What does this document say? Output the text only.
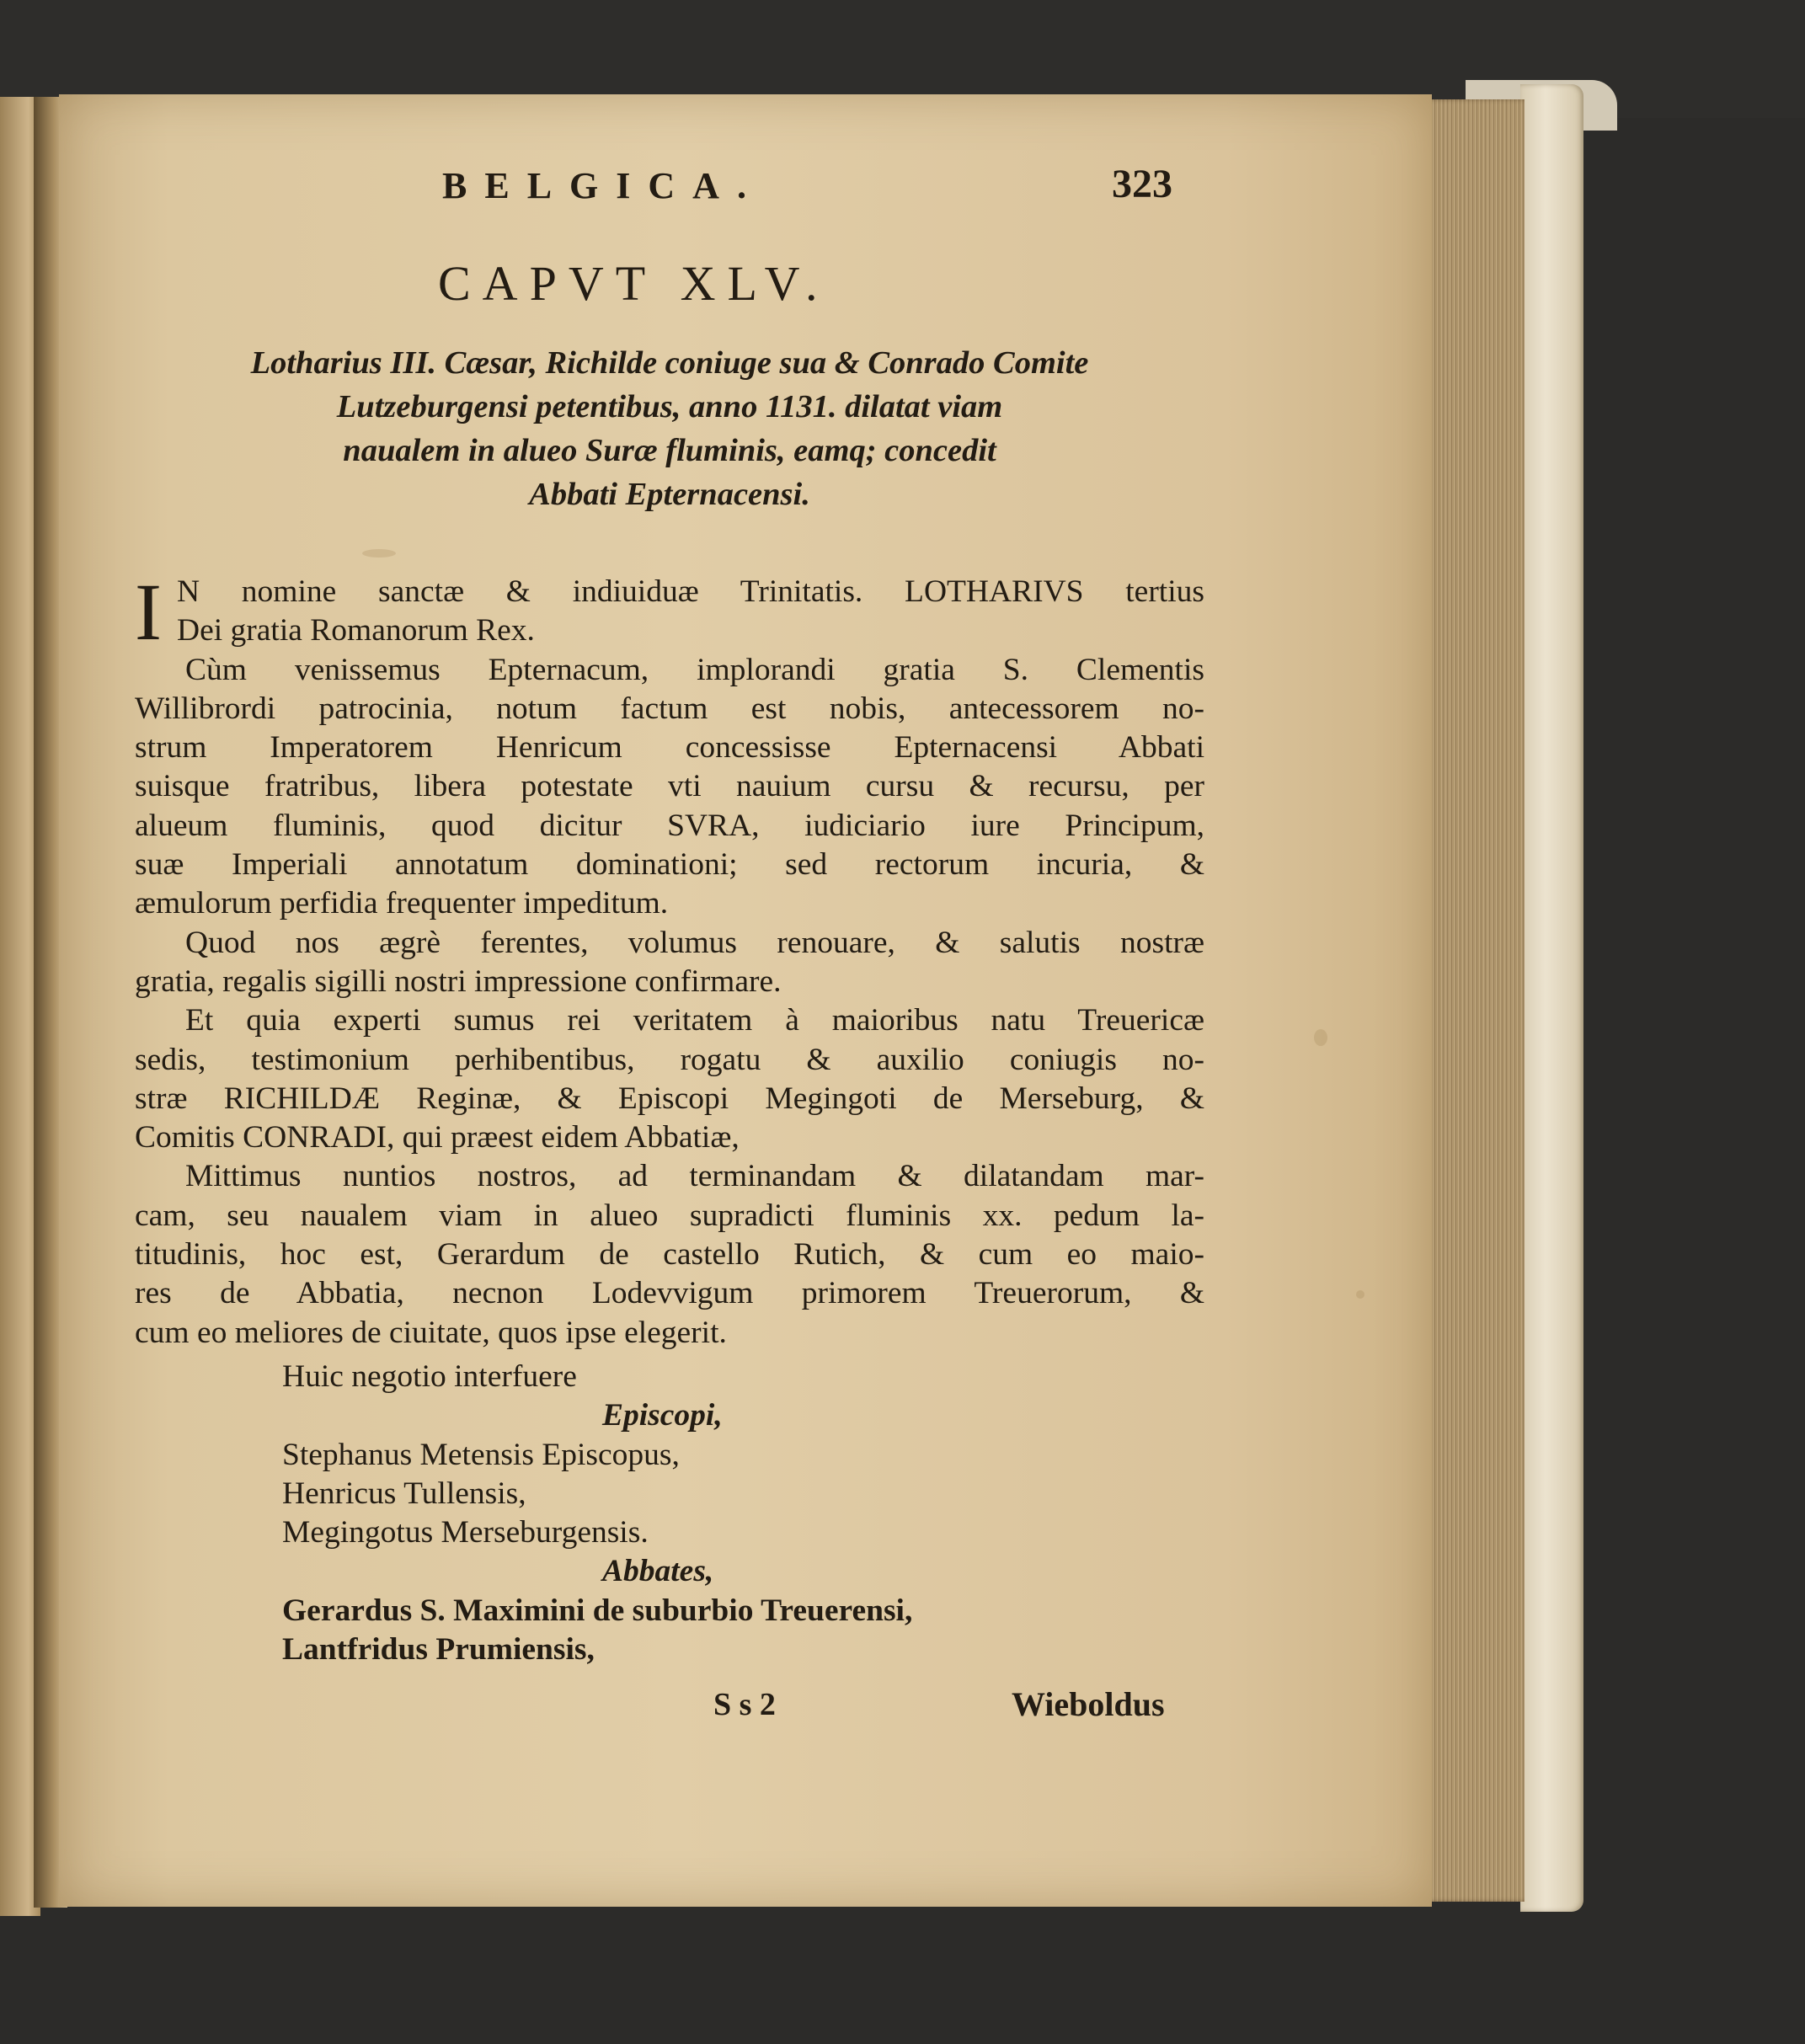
BELGICA.	323
CAPVT XLV.
Lotharius III. Cæsar, Richilde coniuge sua & Conrado Comite
Lutzeburgensi petentibus, anno 1131. dilatat viam
naualem in alueo Suræ fluminis, eamq; concedit
Abbati Epternacensi.
I N nomine sanctæ & indiuiduæ Trinitatis. LOTHARIVS tertius
Dei gratia Romanorum Rex.
Cùm venissemus Epternacum, implorandi gratia S. Clementis
Willibrordi patrocinia, notum factum est nobis, antecessorem no-
strum Imperatorem Henricum concessisse Epternacensi Abbati
suisque fratribus, libera potestate vti nauium cursu & recursu, per
alueum fluminis, quod dicitur SVRA, iudiciario iure Principum,
suæ Imperiali annotatum dominationi; sed rectorum incuria, &
æmulorum perfidia frequenter impeditum.
Quod nos ægrè ferentes, volumus renouare, & salutis nostræ
gratia, regalis sigilli nostri impressione confirmare.
Et quia experti sumus rei veritatem à maioribus natu Treuericæ
sedis, testimonium perhibentibus, rogatu & auxilio coniugis no-
stræ RICHILDÆ Reginæ, & Episcopi Megingoti de Merseburg, &
Comitis CONRADI, qui præest eidem Abbatiæ,
Mittimus nuntios nostros, ad terminandam & dilatandam mar-
cam, seu naualem viam in alueo supradicti fluminis xx. pedum la-
titudinis, hoc est, Gerardum de castello Rutich, & cum eo maio-
res de Abbatia, necnon Lodevvigum primorem Treuerorum, &
cum eo meliores de ciuitate, quos ipse elegerit.
Huic negotio interfuere
Episcopi,
Stephanus Metensis Episcopus,
Henricus Tullensis,
Megingotus Merseburgensis.
Abbates,
Gerardus S. Maximini de suburbio Treuerensi,
Lantfridus Prumiensis,
S s 2	Wieboldus
